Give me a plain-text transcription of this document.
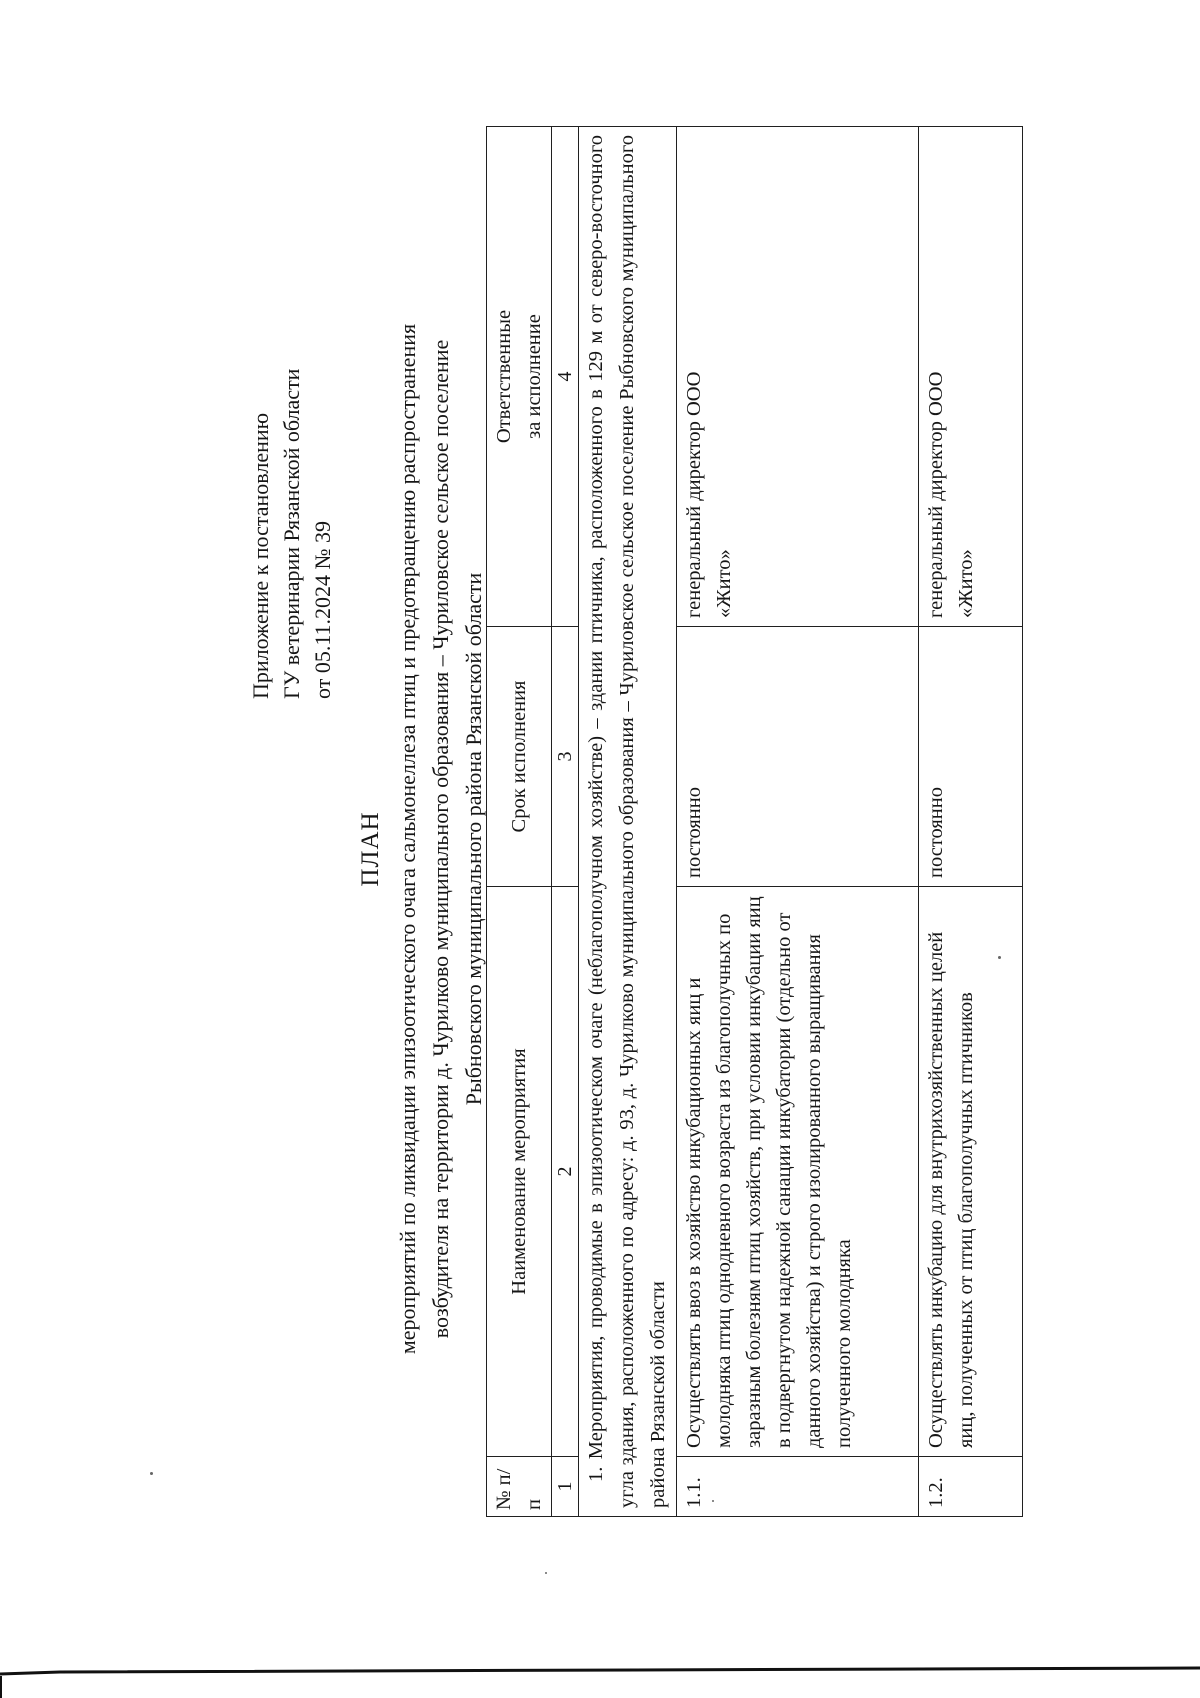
Приложение к постановлению ГУ ветеринарии Рязанской области от 05.11.2024 № 39
ПЛАН мероприятий по ликвидации эпизоотического очага сальмонеллеза птиц и предотвращению распространения возбудителя на территории д. Чурилково муниципального образования – Чуриловское сельское поселение Рыбновского муниципального района Рязанской области
№ п/п	Наименование мероприятия	Срок исполнения	Ответственные за исполнение

1	2	3	4
1. Мероприятия, проводимые в эпизоотическом очаге (неблагополучном хозяйстве) – здании птичника, расположенного в 129 м от северо-восточного угла здания, расположенного по адресу: д. 93, д. Чурилково муниципального образования – Чуриловское сельское поселение Рыбновского муниципального района Рязанской области			
1.1.	Осуществлять ввоз в хозяйство инкубационных яиц и молодняка птиц однодневного возраста из благополучных по заразным болезням птиц хозяйств, при условии инкубации яиц в подвергнутом надежной санации инкубатории (отдельно от данного хозяйства) и строго изолированного выращивания полученного молодняка	постоянно	генеральный директор ООО «Жито»
1.2.	Осуществлять инкубацию для внутрихозяйственных целей яиц, полученных от птиц благополучных птичников	постоянно	генеральный директор ООО «Жито»
